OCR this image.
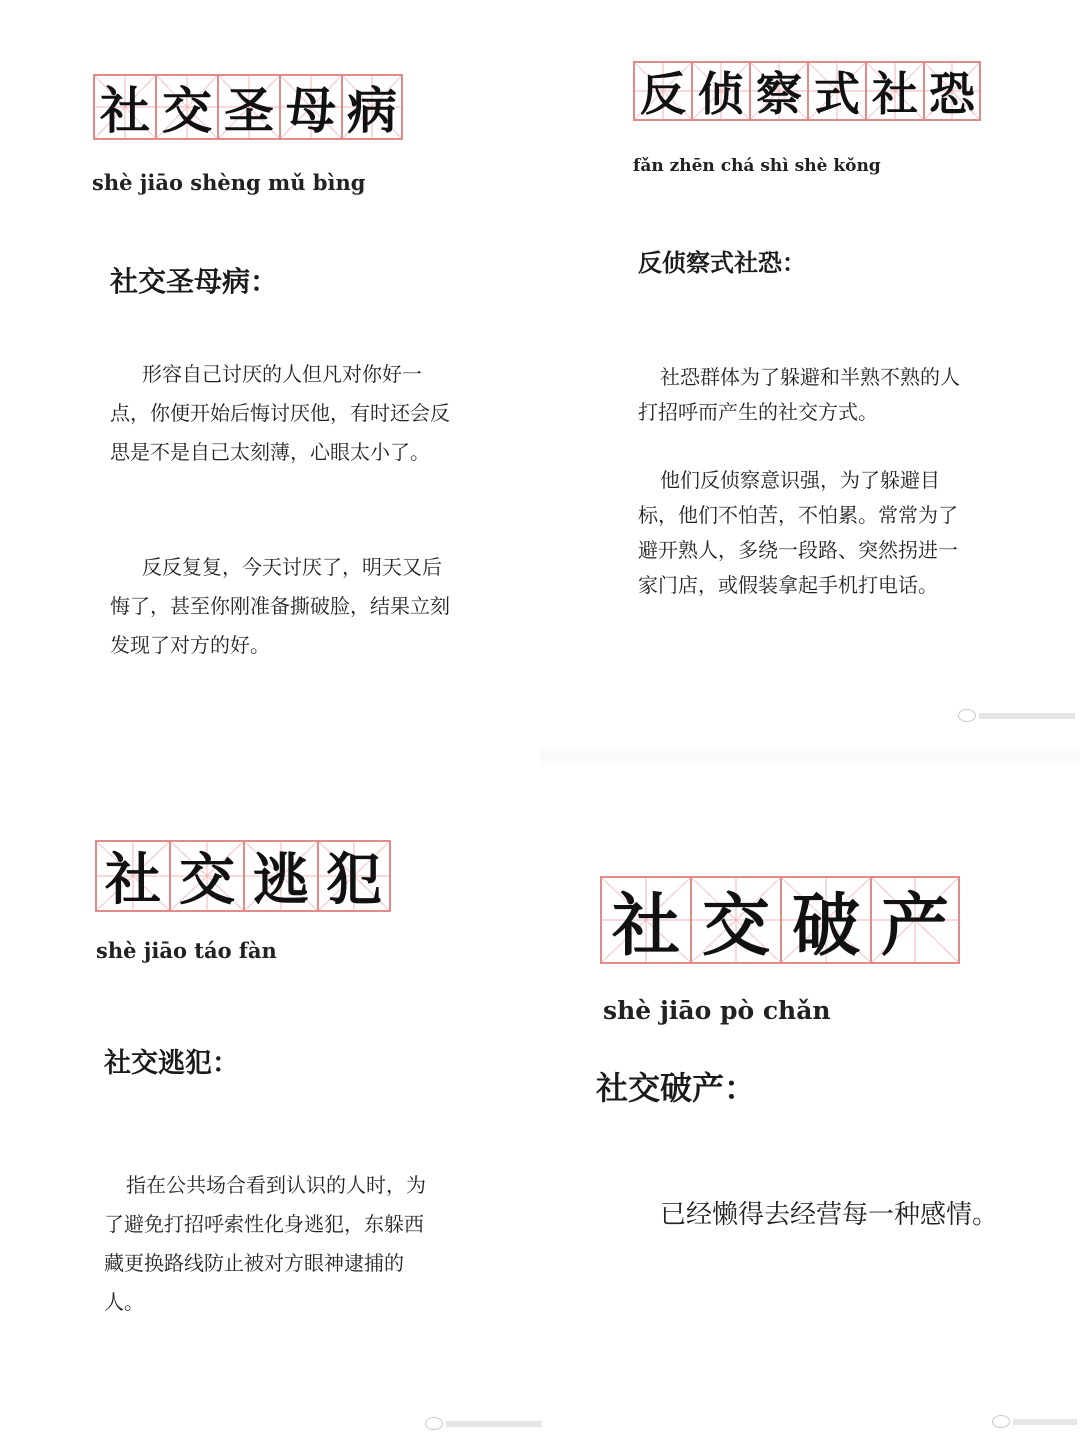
社 交 圣 母 病
shè jiāo shèng mǔ bìng
社交圣母病：

形容自己讨厌的人但凡对你好一点，你便开始后悔讨厌他，有时还会反思是不是自己太刻薄，心眼太小了。

反反复复，今天讨厌了，明天又后 悔了，甚至你刚准备撕破脸，结果立刻发现了对方的好。

反 侦 察 式 社 恐
fǎn zhēn chá shì shè kǒng
反侦察式社恐：

社恐群体为了躲避和半熟不熟的人打招呼而产生的社交方式。

他们反侦察意识强，为了躲避目标，他们不怕苦，不怕累。常常为了避开熟人，多绕一段路、突然拐进一家门店，或假装拿起手机打电话。

社 交 逃 犯
shè jiāo táo fàn
社交逃犯：

指在公共场合看到认识的人时，为了避免打招呼索性化身逃犯，东躲西藏更换路线防止被对方眼神逮捕的人。

社 交 破 产
shè jiāo pò chǎn
社交破产：

已经懒得去经营每一种感情。
